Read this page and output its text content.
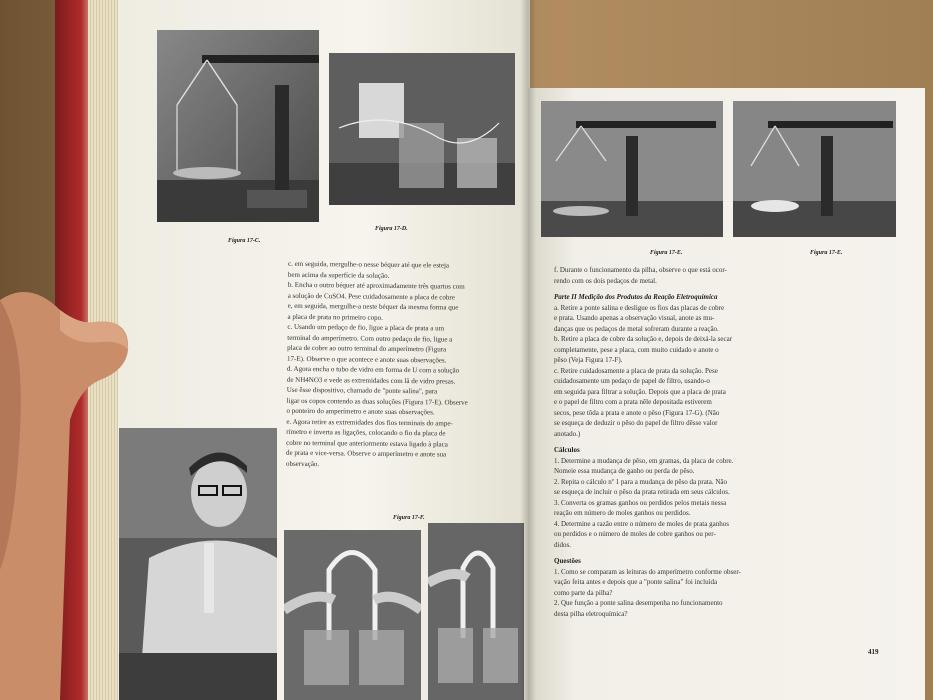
Figura 17-C.
Figura 17-D.

c. em seguida, mergulhe-o nesse béquer até que ele esteja

bem acima da superfície da solução.

b. Encha o outro béquer até aproximadamente três quartos com

a solução de CuSO4. Pese cuidadosamente a placa de cobre

e, em seguida, mergulhe-a neste béquer da mesma forma que

a placa de prata no primeiro copo.

c. Usando um pedaço de fio, ligue a placa de prata a um

terminal do amperímetro. Com outro pedaço de fio, ligue a

placa de cobre ao outro terminal do amperímetro (Figura

17-E). Observe o que acontece e anote suas observações.

d. Agora encha o tubo de vidro em forma de U com a solução

de NH4NO3 e vede as extremidades com lã de vidro presas.

Use êsse dispositivo, chamado de "ponte salina", para

ligar os copos contendo as duas soluções (Figura 17-E). Observe

o ponteiro do amperímetro e anote suas observações.

e. Agora retire as extremidades dos fios terminais do ampe-

rímetro e inverta as ligações, colocando o fio da placa de

cobre no terminal que anteriormente estava ligado à placa

de prata e vice-versa. Observe o amperímetro e anote sua

observação.

Figura 17-F.
Figura 17-E.	Figura 17-E.

f. Durante o funcionamento da pilha, observe o que está ocor-

rendo com os dois pedaços de metal.

Parte II Medição dos Produtos da Reação Eletroquímica

a. Retire a ponte salina e desligue os fios das placas de cobre

e prata. Usando apenas a observação visual, anote as mu-

danças que os pedaços de metal sofreram durante a reação.

b. Retire a placa de cobre da solução e, depois de deixá-la secar

completamente, pese a placa, com muito cuidado e anote o

pêso (Veja Figura 17-F).

c. Retire cuidadosamente a placa de prata da solução. Pese

cuidadosamente um pedaço de papel de filtro, usando-o

em seguida para filtrar a solução. Depois que a placa de prata

e o papel de filtro com a prata nêle depositada estiverem

secos, pese tôda a prata e anote o pêso (Figura 17-G). (Não

se esqueça de deduzir o pêso do papel de filtro dêsse valor

anotado.)

Cálculos

1. Determine a mudança de pêso, em gramas, da placa de cobre.

Nomeie essa mudança de ganho ou perda de pêso.

2. Repita o cálculo nº 1 para a mudança de pêso da prata. Não

se esqueça de incluir o pêso da prata retirada em seus cálculos.

3. Converta os gramas ganhos ou perdidos pelos metais nessa

reação em número de moles ganhos ou perdidos.

4. Determine a razão entre o número de moles de prata ganhos

ou perdidos e o número de moles de cobre ganhos ou per-

didos.

Questões

1. Como se comparam as leituras do amperímetro conforme obser-

vação feita antes e depois que a "ponte salina" foi incluída

como parte da pilha?

2. Que função a ponte salina desempenha no funcionamento

desta pilha eletroquímica?

419
